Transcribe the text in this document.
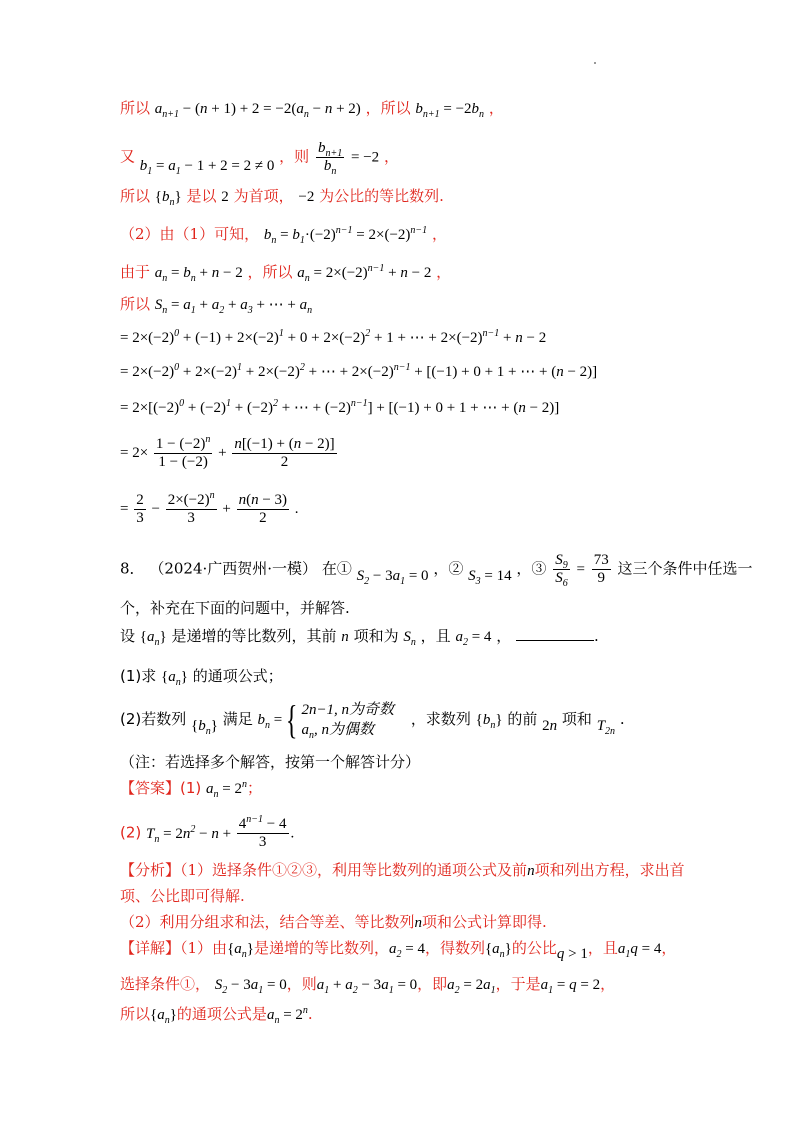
所以 $a_{n+1} - (n + 1) + 2 = -2(a_n - n + 2)$ ，所以 $b_{n+1} = -2b_n$ ，
又 $b_1 = a_1 - 1 + 2 = 2 \ne 0$ ，则 $\frac{b_{n+1}}{b_n} = -2$ ，
所以 $\{b_n\}$ 是以 2 为首项， −2 为公比的等比数列.
（2）由（1）可知， $b_n = b_1\cdot(-2)^{n-1} = 2\times(-2)^{n-1}$ ，
由于 $a_n = b_n + n - 2$ ，所以 $a_n = 2\times(-2)^{n-1} + n - 2$ ，
所以 $S_n = a_1 + a_2 + a_3$ + ⋯ + $a_n$
= $2\times(-2)^0 + (-1) + 2\times(-2)^1 + 0 + 2\times(-2)^2 + 1$ + ⋯ + $2\times(-2)^{n-1} + n - 2$
= $2\times(-2)^0 + 2\times(-2)^1 + 2\times(-2)^2$ + ⋯ + $2\times(-2)^{n-1} + [(-1) + 0 + 1$ + ⋯ + (n − 2)]
= $2\times[(-2)^0 + (-2)^1 + (-2)^2$ + ⋯ + $(-2)^{n-1}] + [(-1) + 0 + 1$ + ⋯ + (n − 2)]
= $2\times \frac{1 - (-2)^n}{1 - (-2)} + \frac{n[(-1) + (n - 2)]}{2}$
= $\frac{2}{3} - \frac{2\times(-2)^n}{3} + \frac{n(n - 3)}{2}$ .
8． （2024·广西贺州·一模） 在① $S_2 - 3a_1 = 0$ ，② $S_3 = 14$ ，③ $\frac{S_9}{S_6} = \frac{73}{9}$ 这三个条件中任选一
个，补充在下面的问题中，并解答.
设 $\{a_n\}$ 是递增的等比数列，其前 n 项和为 $S_n$ ，且 $a_2 = 4$ ，	.
(1)求 $\{a_n\}$ 的通项公式；
(2)若数列 $\{b_n\}$ 满足 $b_n$ ={ 2n−1, n为奇数
$a_n$, n为偶数
，求数列 $\{b_n\}$ 的前 2n 项和 $T_{2n}$ .
（注：若选择多个解答，按第一个解答计分）
【答案】(1) $a_n = 2^n$；
(2) $T_n = 2n^2 - n + \frac{4^{n-1} - 4}{3}$ .
【分析】（1）选择条件①②③，利用等比数列的通项公式及前n项和列出方程，求出首
项、公比即可得解.
（2）利用分组求和法，结合等差、等比数列n项和公式计算即得.
【详解】（1）由$\{a_n\}$是递增的等比数列，$a_2 = 4$，得数列$\{a_n\}$的公比q > 1，且$a_1q = 4$，
选择条件①， $S_2 - 3a_1 = 0$，则$a_1 + a_2 - 3a_1 = 0$，即$a_2 = 2a_1$，于是$a_1 = q = 2$，
所以$\{a_n\}$的通项公式是$a_n = 2^n$.
